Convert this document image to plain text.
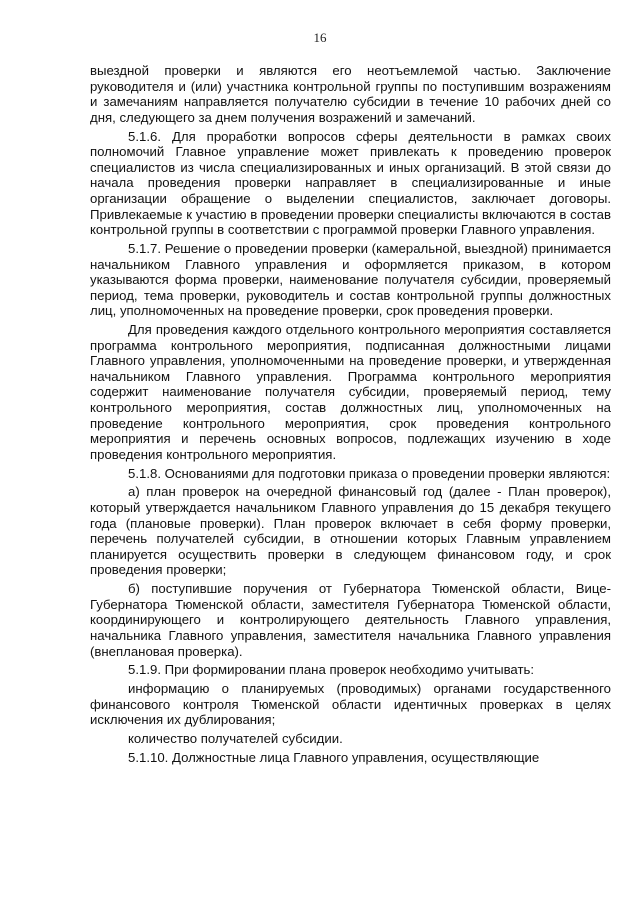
16

выездной проверки и являются его неотъемлемой частью. Заключение руководителя и (или) участника контрольной группы по поступившим возражениям и замечаниям направляется получателю субсидии в течение 10 рабочих дней со дня, следующего за днем получения возражений и замечаний.

5.1.6. Для проработки вопросов сферы деятельности в рамках своих полномочий Главное управление может привлекать к проведению проверок специалистов из числа специализированных и иных организаций. В этой связи до начала проведения проверки направляет в специализированные и иные организации обращение о выделении специалистов, заключает договоры. Привлекаемые к участию в проведении проверки специалисты включаются в состав контрольной группы в соответствии с программой проверки Главного управления.

5.1.7. Решение о проведении проверки (камеральной, выездной) принимается начальником Главного управления и оформляется приказом, в котором указываются форма проверки, наименование получателя субсидии, проверяемый период, тема проверки, руководитель и состав контрольной группы должностных лиц, уполномоченных на проведение проверки, срок проведения проверки.

Для проведения каждого отдельного контрольного мероприятия составляется программа контрольного мероприятия, подписанная должностными лицами Главного управления, уполномоченными на проведение проверки, и утвержденная начальником Главного управления. Программа контрольного мероприятия содержит наименование получателя субсидии, проверяемый период, тему контрольного мероприятия, состав должностных лиц, уполномоченных на проведение контрольного мероприятия, срок проведения контрольного мероприятия и перечень основных вопросов, подлежащих изучению в ходе проведения контрольного мероприятия.

5.1.8. Основаниями для подготовки приказа о проведении проверки являются:

а) план проверок на очередной финансовый год (далее - План проверок), который утверждается начальником Главного управления до 15 декабря текущего года (плановые проверки). План проверок включает в себя форму проверки, перечень получателей субсидии, в отношении которых Главным управлением планируется осуществить проверки в следующем финансовом году, и срок проведения проверки;

б) поступившие поручения от Губернатора Тюменской области, Вице-Губернатора Тюменской области, заместителя Губернатора Тюменской области, координирующего и контролирующего деятельность Главного управления, начальника Главного управления, заместителя начальника Главного управления (внеплановая проверка).

5.1.9. При формировании плана проверок необходимо учитывать:

информацию о планируемых (проводимых) органами государственного финансового контроля Тюменской области идентичных проверках в целях исключения их дублирования;

количество получателей субсидии.

5.1.10. Должностные лица Главного управления, осуществляющие
